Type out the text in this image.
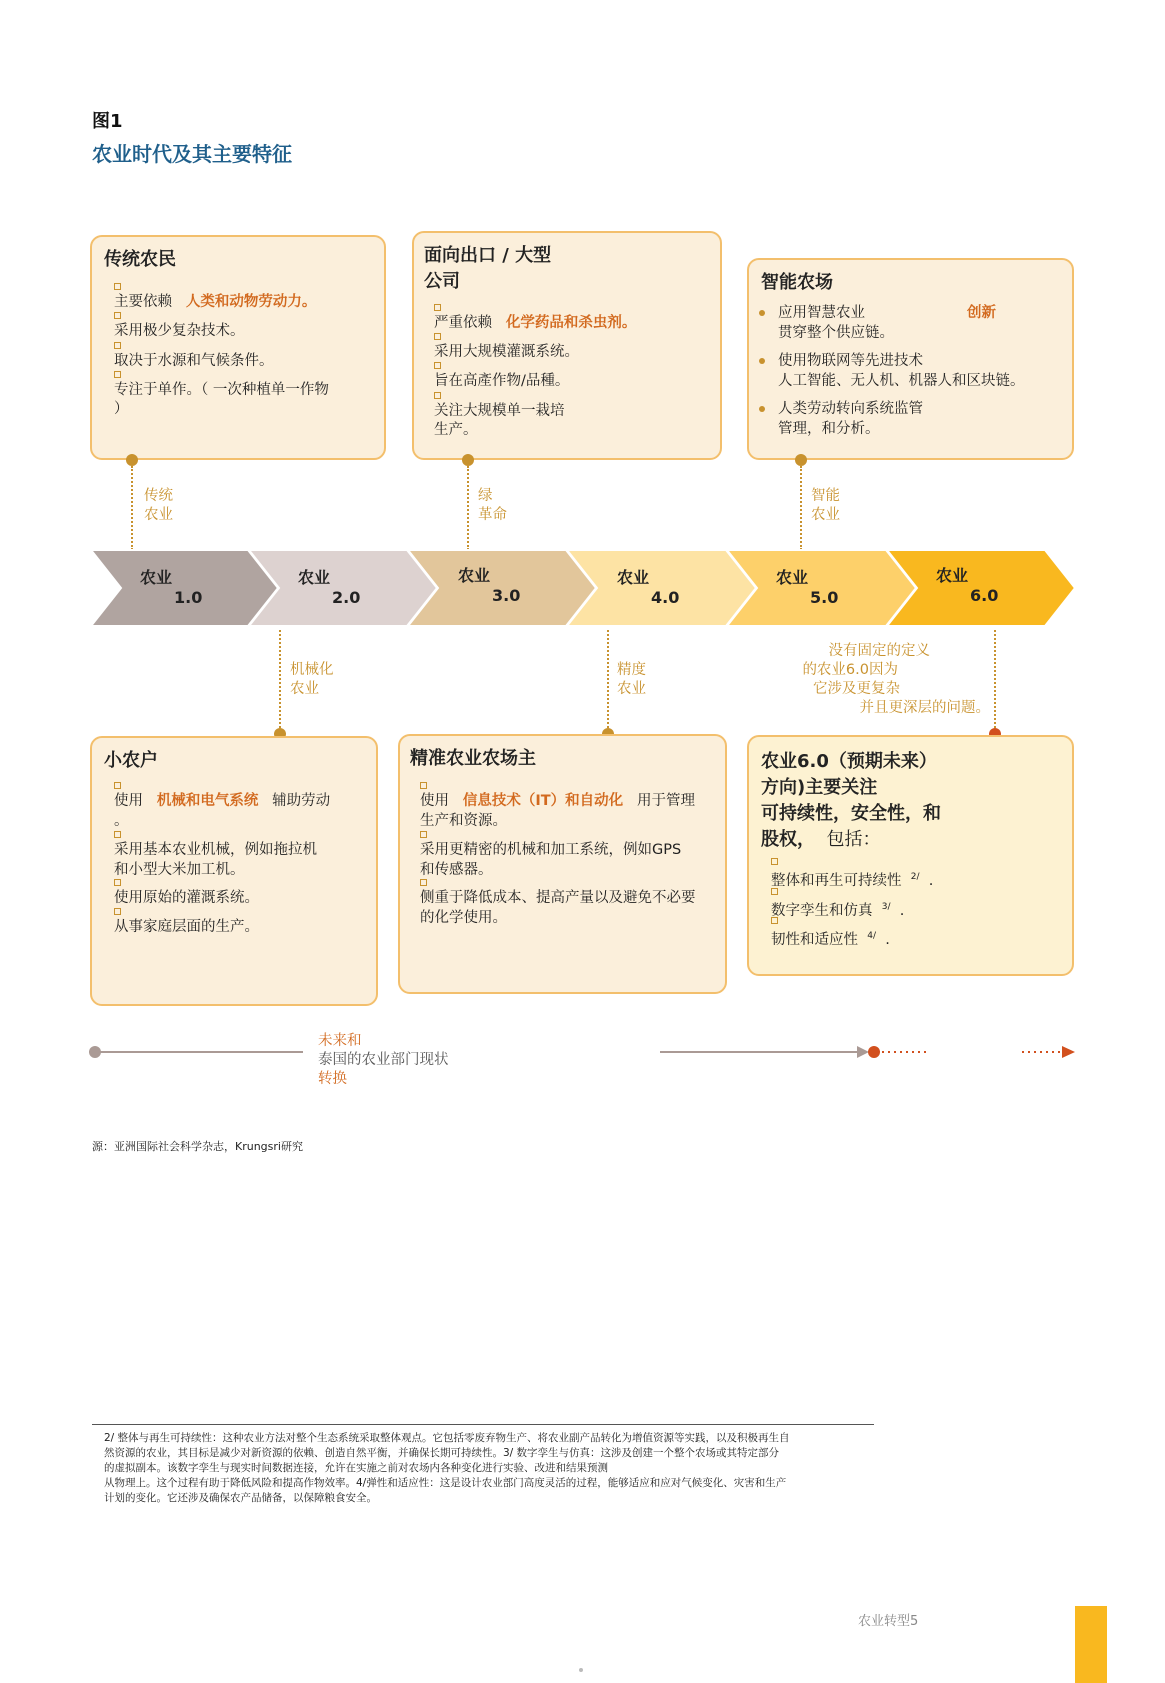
图1
农业时代及其主要特征
传统农民
主要依赖 人类和动物劳动力。
采用极少复杂技术。
取决于水源和气候条件。
专注于单作。（ 一次种植单一作物
）
面向出口 / 大型
公司
严重依赖 化学药品和杀虫剂。
采用大规模灌溉系统。
旨在高產作物/品種。
关注大规模单一栽培
生产。
智能农场
应用智慧农业	创新
贯穿整个供应链。
使用物联网等先进技术
人工智能、无人机、机器人和区块链。
人类劳动转向系统监管
管理，和分析。
传统
农业
绿
革命
智能
农业
农业
1.0
农业
2.0
农业
3.0
农业
4.0
农业
5.0
农业
6.0
机械化
农业
精度
农业
没有固定的定义
的农业6.0因为
它涉及更复杂
并且更深层的问题。
小农户
使用 机械和电气系统 辅助劳动
。
采用基本农业机械，例如拖拉机
和小型大米加工机。
使用原始的灌溉系统。
从事家庭层面的生产。
精准农业农场主
使用 信息技术（IT）和自动化 用于管理
生产和资源。
采用更精密的机械和加工系统，例如GPS
和传感器。
侧重于降低成本、提高产量以及避免不必要
的化学使用。
农业6.0（预期未来）
方向)主要关注
可持续性，安全性，和
股权， 包括：
整体和再生可持续性 $^{2/}$ .
数字孪生和仿真 $^{3/}$ .
韧性和适应性 $^{4/}$ .
未来和
泰国的农业部门现状
转换
源：亚洲国际社会科学杂志，Krungsri研究
2/ 整体与再生可持续性：这种农业方法对整个生态系统采取整体观点。它包括零废弃物生产、将农业副产品转化为增值资源等实践，以及积极再生自
然资源的农业，其目标是减少对新资源的依赖、创造自然平衡，并确保长期可持续性。3/ 数字孪生与仿真：这涉及创建一个整个农场或其特定部分
的虚拟副本。该数字孪生与现实时间数据连接，允许在实施之前对农场内各种变化进行实验、改进和结果预测
从物理上。这个过程有助于降低风险和提高作物效率。4/弹性和适应性：这是设计农业部门高度灵活的过程，能够适应和应对气候变化、灾害和生产
计划的变化。它还涉及确保农产品储备，以保障粮食安全。
农业转型5
